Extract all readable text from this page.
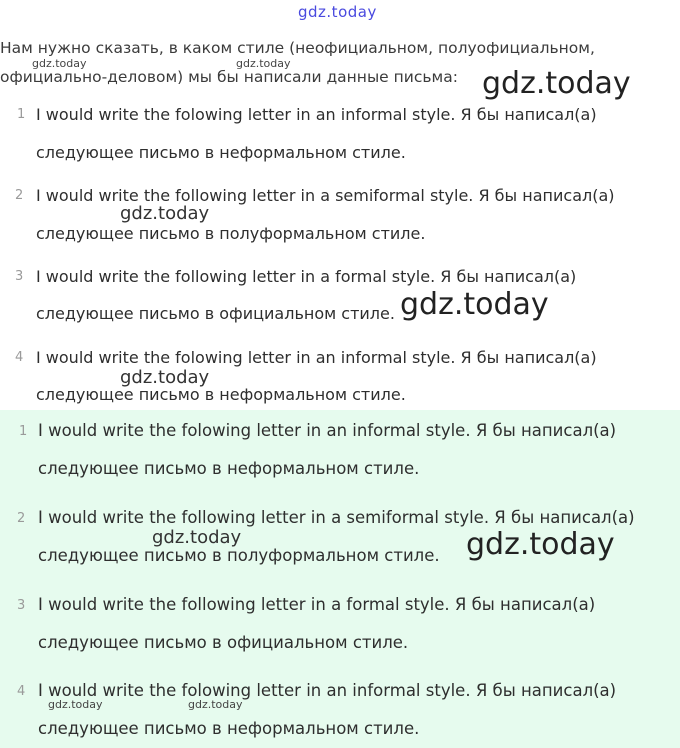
gdz.today
gdz.today	gdz.today
Нам нужно сказать, в каком стиле (неофициальном, полуофициальном, официально-деловом) мы бы написали данные письма: gdz.today
1 I would write the folowing letter in an informal style. Я бы написал(а)
следующее письмо в неформальном стиле.
2 I would write the following letter in a semiformal style. Я бы написал(а)
следующее письмо в полуформальном стиле.
3 I would write the following letter in a formal style. Я бы написал(а)
следующее письмо в официальном стиле.
4 I would write the folowing letter in an informal style. Я бы написал(а)
следующее письмо в неформальном стиле.
gdz.today
gdz.today
gdz.today
1 I would write the folowing letter in an informal style. Я бы написал(а)
следующее письмо в неформальном стиле.
2 I would write the following letter in a semiformal style. Я бы написал(а)
следующее письмо в полуформальном стиле.
3 I would write the following letter in a formal style. Я бы написал(а)
следующее письмо в официальном стиле.
4 I would write the folowing letter in an informal style. Я бы написал(а)
следующее письмо в неформальном стиле.
gdz.today	gdz.today
gdz.today	gdz.today
